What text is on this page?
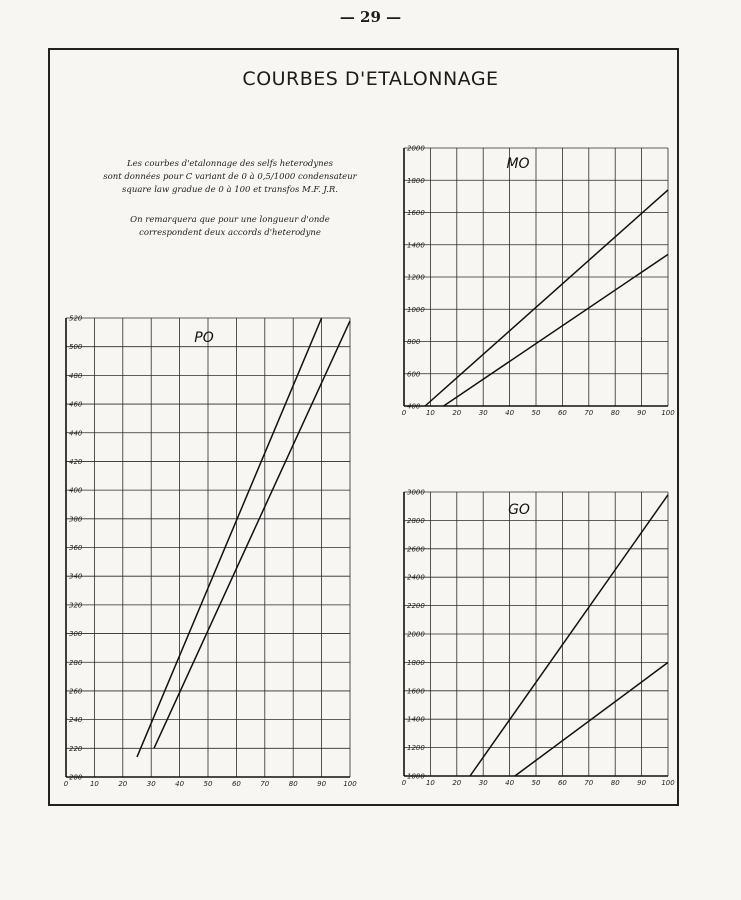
— 29 —
COURBES D'ETALONNAGE
Les courbes d'etalonnage des selfs heterodynes
sont données pour C variant de 0 à 0,5/1000 condensateur
square law gradue de 0 à 100 et transfos M.F. J.R.
On remarquera que pour une longueur d'onde
correspondent deux accords d'heterodyne
0	10	20	30	40	50	60	70	80	90 100
200
220
240
260
280
300
320
340
360
380
400
420
440
460
480
500
520
PO
0	10 20 30 40 50 60 70 80 90 100
400
600
800
1000
1200
1400
1600
1800
2000
MO
0	10 20 30 40 50 60 70 80 90 100
1000
1200
1400
1600
1800
2000
2200
2400
2600
2800
3000
GO
